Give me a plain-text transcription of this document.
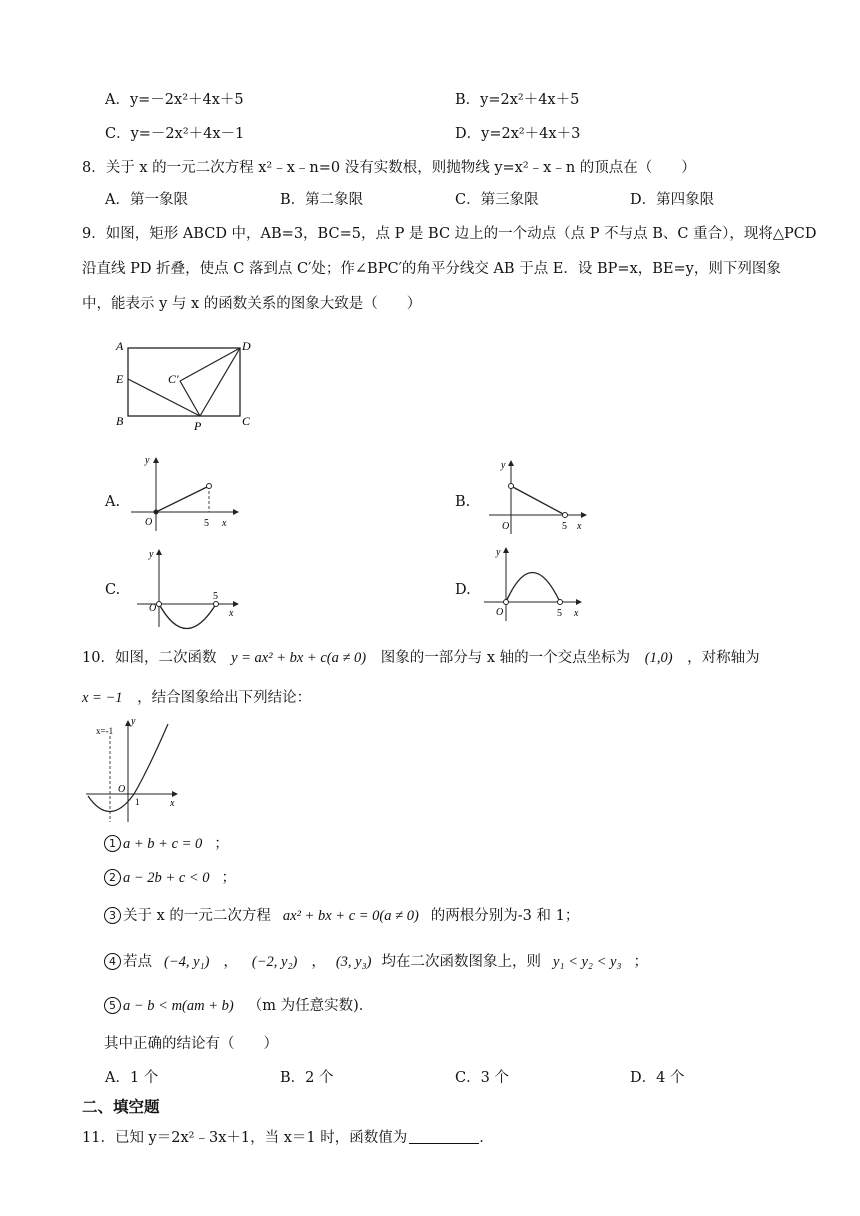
A．y=－2x²＋4x＋5	B．y=2x²＋4x＋5
C．y=－2x²＋4x－1	D．y=2x²＋4x＋3
8．关于 x 的一元二次方程 x²﹣x﹣n=0 没有实数根，则抛物线 y=x²﹣x﹣n 的顶点在（　　）
A．第一象限	B．第二象限	C．第三象限	D．第四象限
9．如图，矩形 ABCD 中，AB=3，BC=5，点 P 是 BC 边上的一个动点（点 P 不与点 B、C 重合），现将△PCD
沿直线 PD 折叠，使点 C 落到点 C′处；作∠BPC′的角平分线交 AB 于点 E．设 BP=x，BE=y，则下列图象
中，能表示 y 与 x 的函数关系的图象大致是（　　）
A	D
E	C′
B	P	C
A.
y
x
O	5
B.
y
x
O	5
C.
y
x
O
5	D.
y
x
O	5
10．如图，二次函数 y = ax² + bx + c(a ≠ 0) 图象的一部分与 x 轴的一个交点坐标为 (1,0) ，对称轴为
x = −1 ，结合图象给出下列结论：
x=-1
y
x
O
1
1 a + b + c = 0 ；
2 a − 2b + c < 0 ；
3 关于 x 的一元二次方程 ax² + bx + c = 0(a ≠ 0) 的两根分别为-3 和 1；
4 若点 (−4, y₁) ， (−2, y₂) ， (3, y₃) 均在二次函数图象上，则 y₁ < y₂ < y₃ ；
5 a − b < m(am + b) （m 为任意实数)．
其中正确的结论有（　　）
A．1 个	B．2 个	C．3 个	D．4 个
二、填空题
11．已知 y＝2x²﹣3x＋1，当 x＝1 时，函数值为	．
